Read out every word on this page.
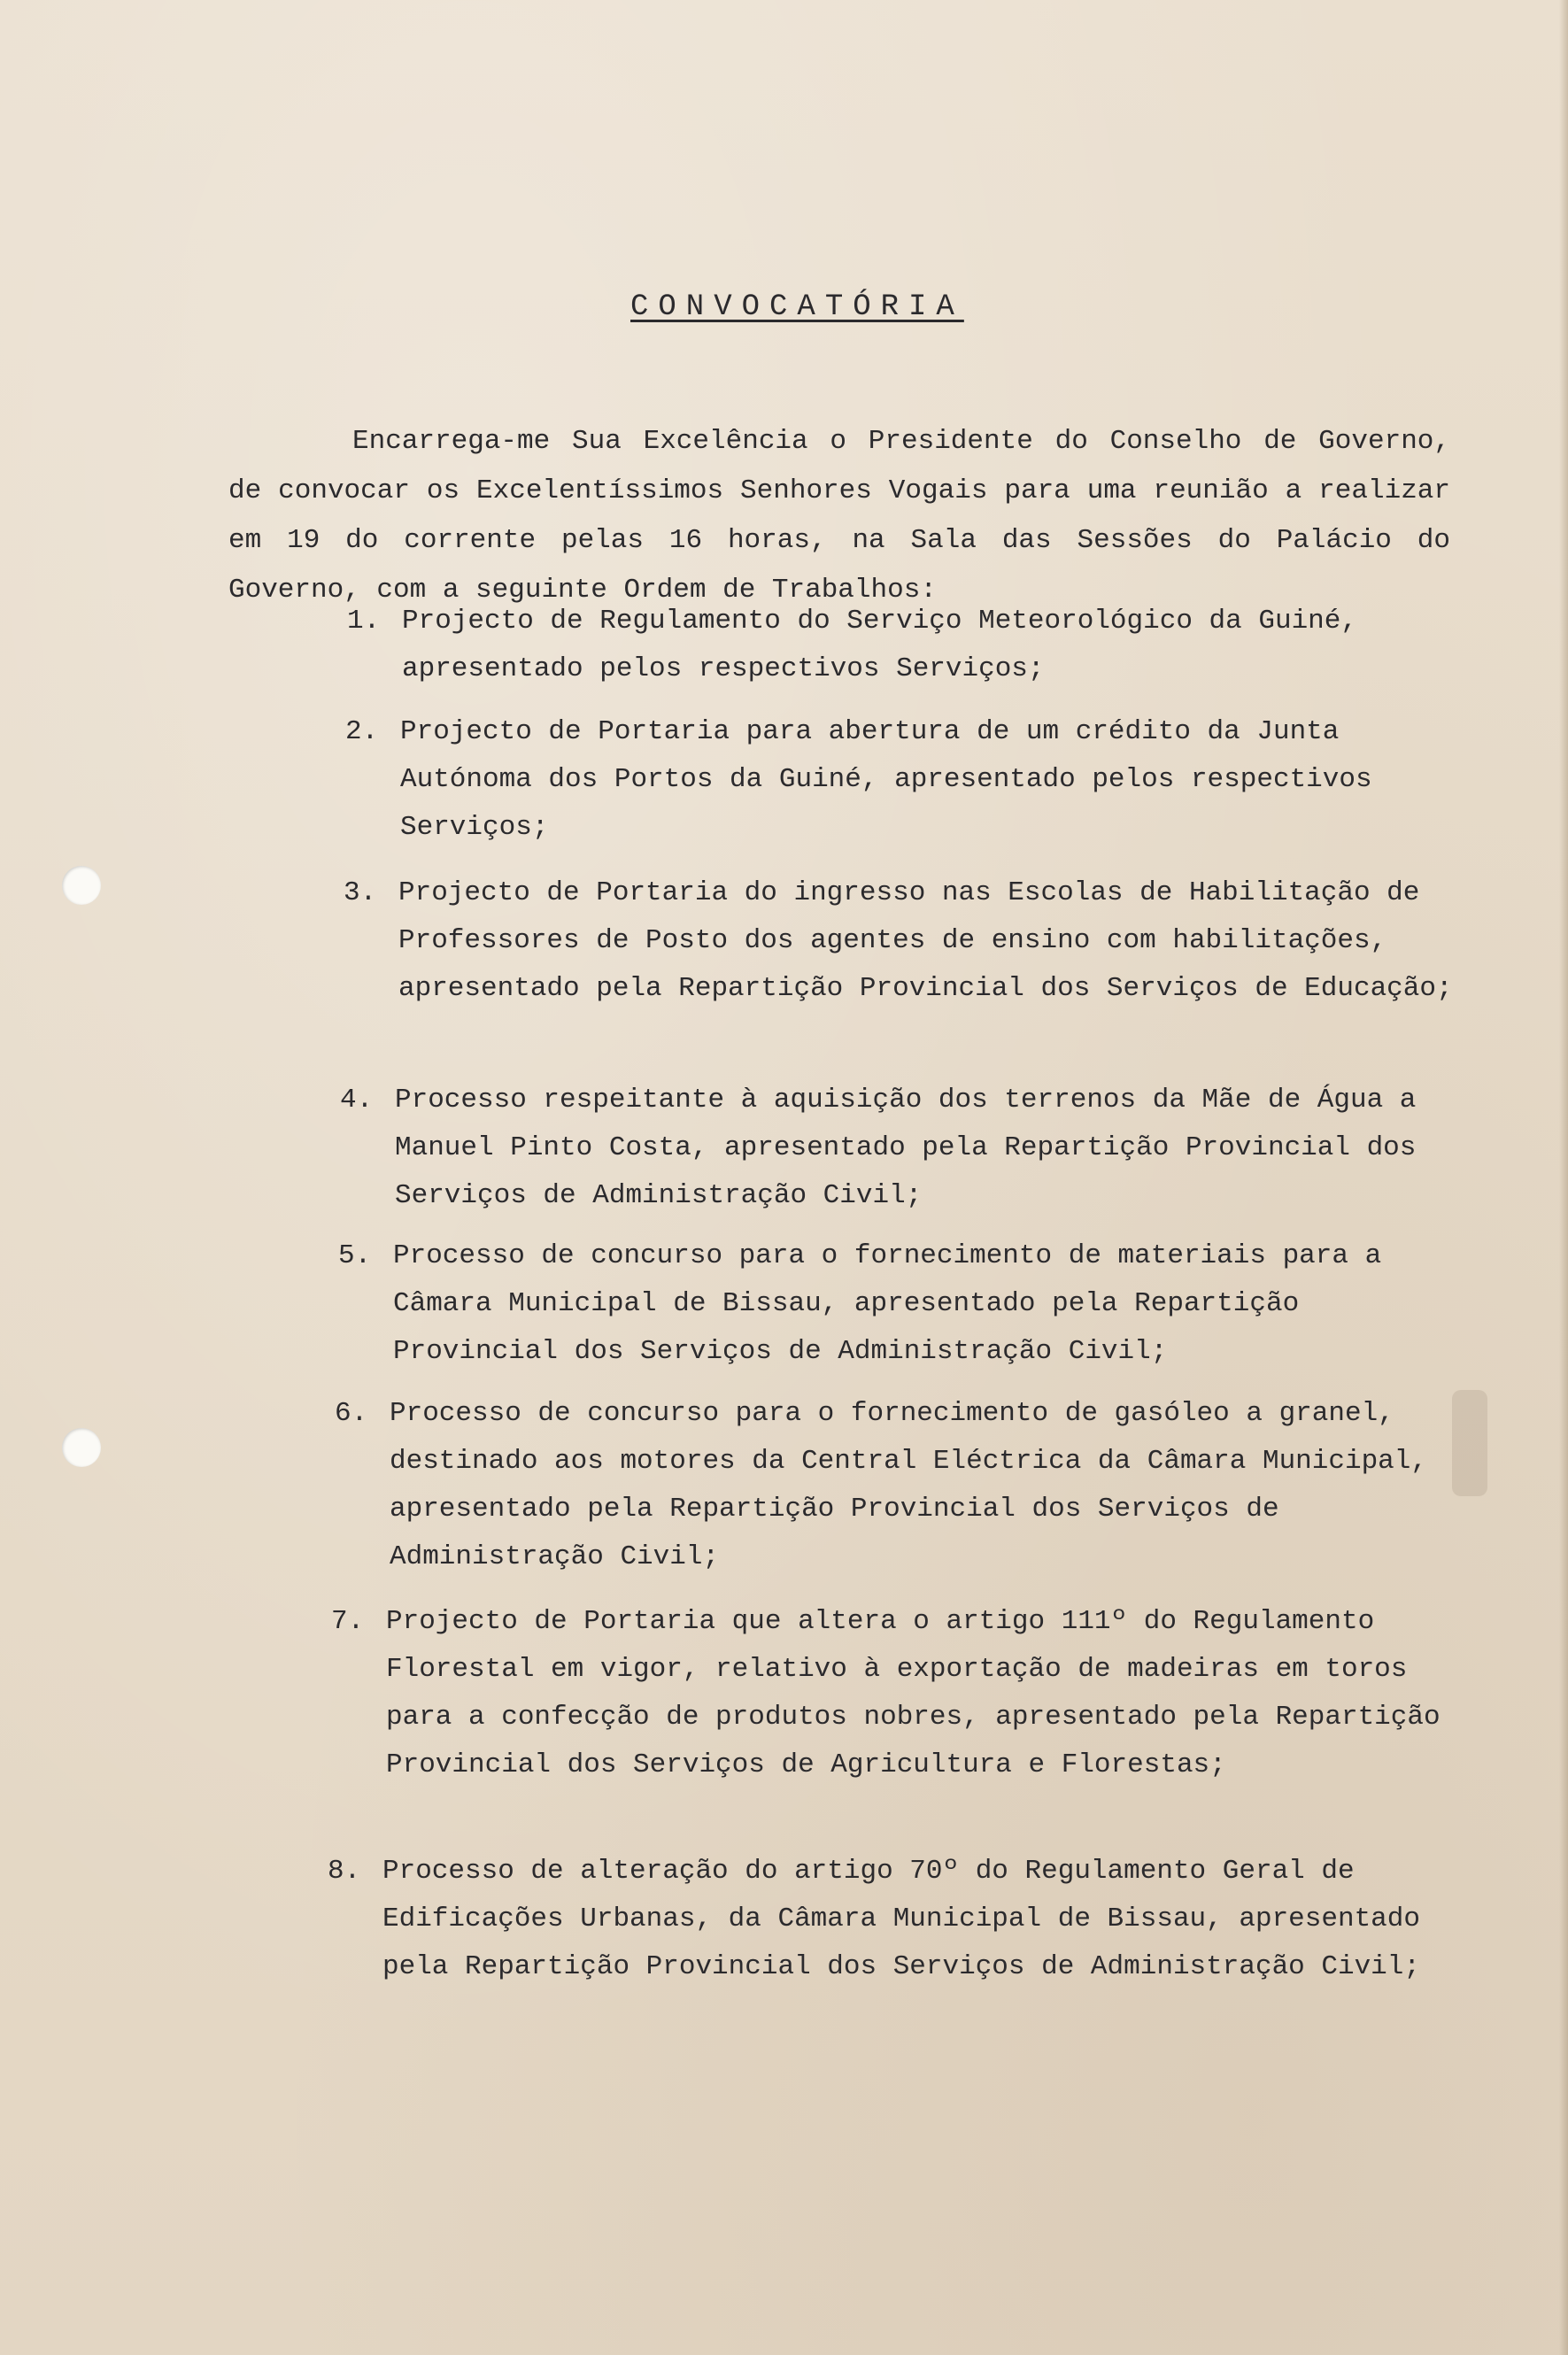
CONVOCATÓRIA

Encarrega-me Sua Excelência o Presidente do Conselho de Governo, de convocar os Excelentíssimos Senhores Vogais para uma reunião a realizar em 19 do corrente pelas 16 horas, na Sala das Sessões do Palácio do Governo, com a seguinte Ordem de Trabalhos:

1. Projecto de Regulamento do Serviço Meteorológico da Guiné, apresentado pelos respectivos Serviços;
2. Projecto de Portaria para abertura de um crédito da Junta Autónoma dos Portos da Guiné, apresentado pelos respectivos Serviços;
3. Projecto de Portaria do ingresso nas Escolas de Habilitação de Professores de Posto dos agentes de ensino com habilitações, apresentado pela Repartição Provincial dos Serviços de Educação;
4. Processo respeitante à aquisição dos terrenos da Mãe de Água a Manuel Pinto Costa, apresentado pela Repartição Provincial dos Serviços de Administração Civil;
5. Processo de concurso para o fornecimento de materiais para a Câmara Municipal de Bissau, apresentado pela Repartição Provincial dos Serviços de Administração Civil;
6. Processo de concurso para o fornecimento de gasóleo a granel, destinado aos motores da Central Eléctrica da Câmara Municipal, apresentado pela Repartição Provincial dos Serviços de Administração Civil;
7. Projecto de Portaria que altera o artigo 111º do Regulamento Florestal em vigor, relativo à exportação de madeiras em toros para a confecção de produtos nobres, apresentado pela Repartição Provincial dos Serviços de Agricultura e Florestas;
8. Processo de alteração do artigo 70º do Regulamento Geral de Edificações Urbanas, da Câmara Municipal de Bissau, apresentado pela Repartição Provincial dos Serviços de Administração Civil;
